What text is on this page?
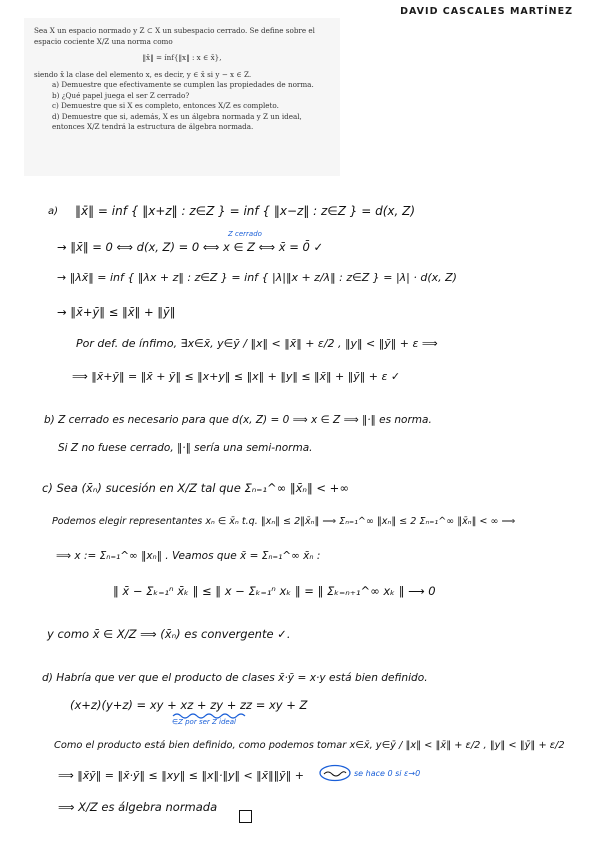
DAVID CASCALES MARTÍNEZ
Sea X un espacio normado y Z ⊂ X un subespacio cerrado. Se define sobre el espacio cociente X/Z una norma como
‖x̄‖ = ínf{‖x‖ : x ∈ x̄},
siendo x̄ la clase del elemento x, es decir, y ∈ x̄ si y − x ∈ Z.
a) Demuestre que efectivamente se cumplen las propiedades de norma.
b) ¿Qué papel juega el ser Z cerrado?
c) Demuestre que si X es completo, entonces X/Z es completo.
d) Demuestre que si, además, X es un álgebra normada y Z un ideal, entonces X/Z tendrá la estructura de álgebra normada.
a) ‖x̄‖ = inf { ‖x+z‖ : z∈Z } = inf { ‖x−z‖ : z∈Z } = d(x, Z)
Z cerrado
→ ‖x̄‖ = 0 ⟺ d(x, Z) = 0 ⟺ x ∈ Z ⟺ x̄ = 0̄ ✓
→ ‖λx̄‖ = inf { ‖λx + z‖ : z∈Z } = inf { |λ|‖x + z/λ‖ : z∈Z } = |λ| · d(x, Z)
→ ‖x̄+ȳ‖ ≤ ‖x̄‖ + ‖ȳ‖
Por def. de ínfimo, ∃x∈x̄, y∈ȳ / ‖x‖ < ‖x̄‖ + ε/2 , ‖y‖ < ‖ȳ‖ + ε ⟹
⟹ ‖x̄+ȳ‖ = ‖x̄ + ȳ‖ ≤ ‖x+y‖ ≤ ‖x‖ + ‖y‖ ≤ ‖x̄‖ + ‖ȳ‖ + ε ✓
b) Z cerrado es necesario para que d(x, Z) = 0 ⟹ x ∈ Z ⟹ ‖·‖ es norma.
Si Z no fuese cerrado, ‖·‖ sería una semi-norma.
c) Sea (x̄ₙ) sucesión en X/Z tal que Σₙ₌₁^∞ ‖x̄ₙ‖ < +∞
Podemos elegir representantes xₙ ∈ x̄ₙ t.q. ‖xₙ‖ ≤ 2‖x̄ₙ‖ ⟹ Σₙ₌₁^∞ ‖xₙ‖ ≤ 2 Σₙ₌₁^∞ ‖x̄ₙ‖ < ∞ ⟹
⟹ x := Σₙ₌₁^∞ ‖xₙ‖ . Veamos que x̄ = Σₙ₌₁^∞ x̄ₙ :
‖ x̄ − Σₖ₌₁ⁿ x̄ₖ ‖ ≤ ‖ x − Σₖ₌₁ⁿ xₖ ‖ = ‖ Σₖ₌ₙ₊₁^∞ xₖ ‖ ⟶ 0
y como x̄ ∈ X/Z ⟹ (x̄ₙ) es convergente ✓.
d) Habría que ver que el producto de clases x̄·ȳ = x·y está bien definido.
(x+z)(y+z) = xy + xz + zy + zz = xy + Z
∈Z por ser Z ideal
Como el producto está bien definido, como podemos tomar x∈x̄, y∈ȳ / ‖x‖ < ‖x̄‖ + ε/2 , ‖y‖ < ‖ȳ‖ + ε/2
⟹ ‖x̄ȳ‖ = ‖x̄·ȳ‖ ≤ ‖xy‖ ≤ ‖x‖·‖y‖ < ‖x̄‖‖ȳ‖ +	se hace 0 si ε→0
⟹ X/Z es álgebra normada
